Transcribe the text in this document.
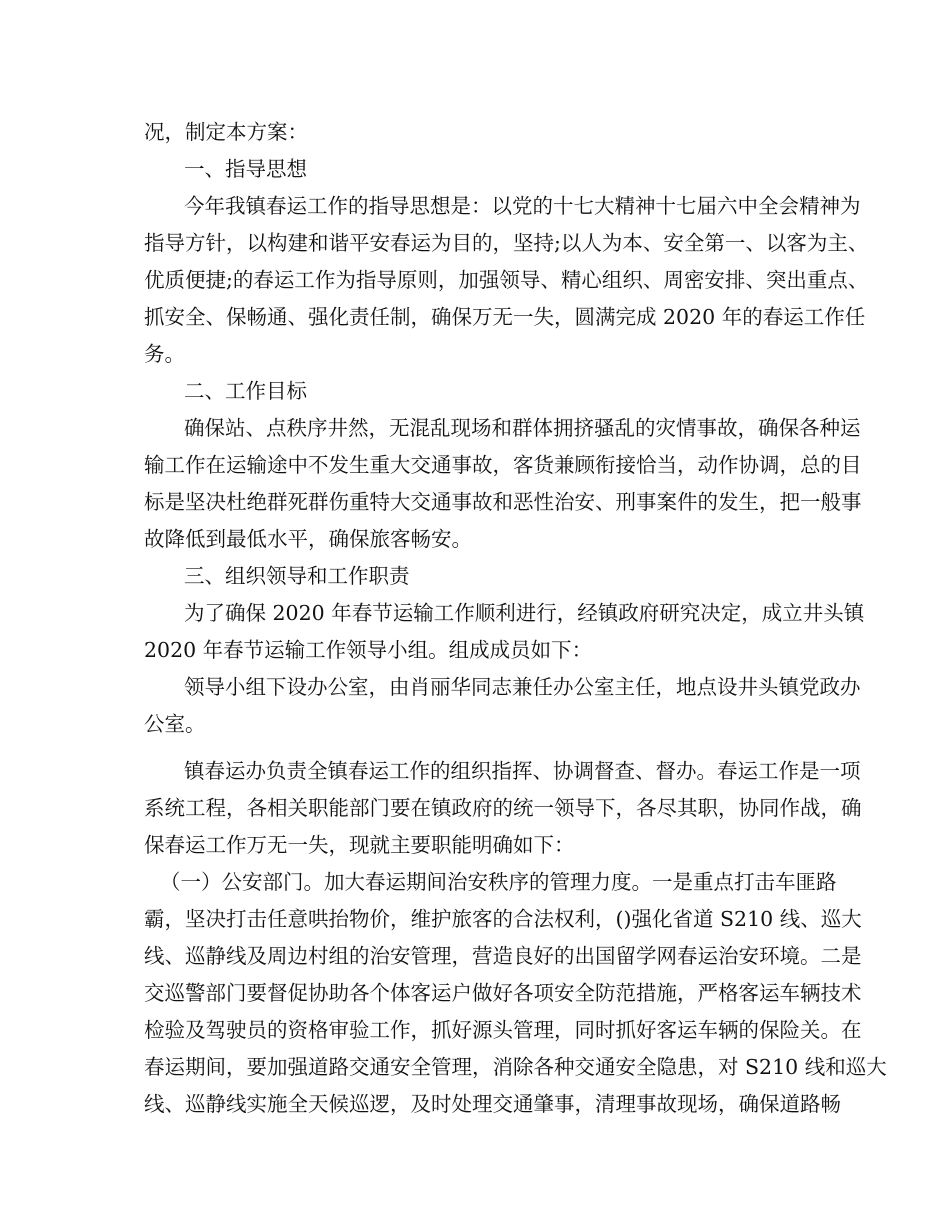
况，制定本方案：

一、指导思想

今年我镇春运工作的指导思想是：以党的十七大精神十七届六中全会精神为

指导方针，以构建和谐平安春运为目的，坚持;以人为本、安全第一、以客为主、

优质便捷;的春运工作为指导原则，加强领导、精心组织、周密安排、突出重点、

抓安全、保畅通、强化责任制，确保万无一失，圆满完成 2020 年的春运工作任

务。

二、工作目标

确保站、点秩序井然，无混乱现场和群体拥挤骚乱的灾情事故，确保各种运

输工作在运输途中不发生重大交通事故，客货兼顾衔接恰当，动作协调，总的目

标是坚决杜绝群死群伤重特大交通事故和恶性治安、刑事案件的发生，把一般事

故降低到最低水平，确保旅客畅安。

三、组织领导和工作职责

为了确保 2020 年春节运输工作顺利进行，经镇政府研究决定，成立井头镇

2020 年春节运输工作领导小组。组成成员如下：

领导小组下设办公室，由肖丽华同志兼任办公室主任，地点设井头镇党政办

公室。

镇春运办负责全镇春运工作的组织指挥、协调督查、督办。春运工作是一项

系统工程，各相关职能部门要在镇政府的统一领导下，各尽其职，协同作战，确

保春运工作万无一失，现就主要职能明确如下：

（一）公安部门。加大春运期间治安秩序的管理力度。一是重点打击车匪路

霸，坚决打击任意哄抬物价，维护旅客的合法权利，()强化省道 S210 线、巡大

线、巡静线及周边村组的治安管理，营造良好的出国留学网春运治安环境。二是

交巡警部门要督促协助各个体客运户做好各项安全防范措施，严格客运车辆技术

检验及驾驶员的资格审验工作，抓好源头管理，同时抓好客运车辆的保险关。在

春运期间，要加强道路交通安全管理，消除各种交通安全隐患，对 S210 线和巡大

线、巡静线实施全天候巡逻，及时处理交通肇事，清理事故现场，确保道路畅
